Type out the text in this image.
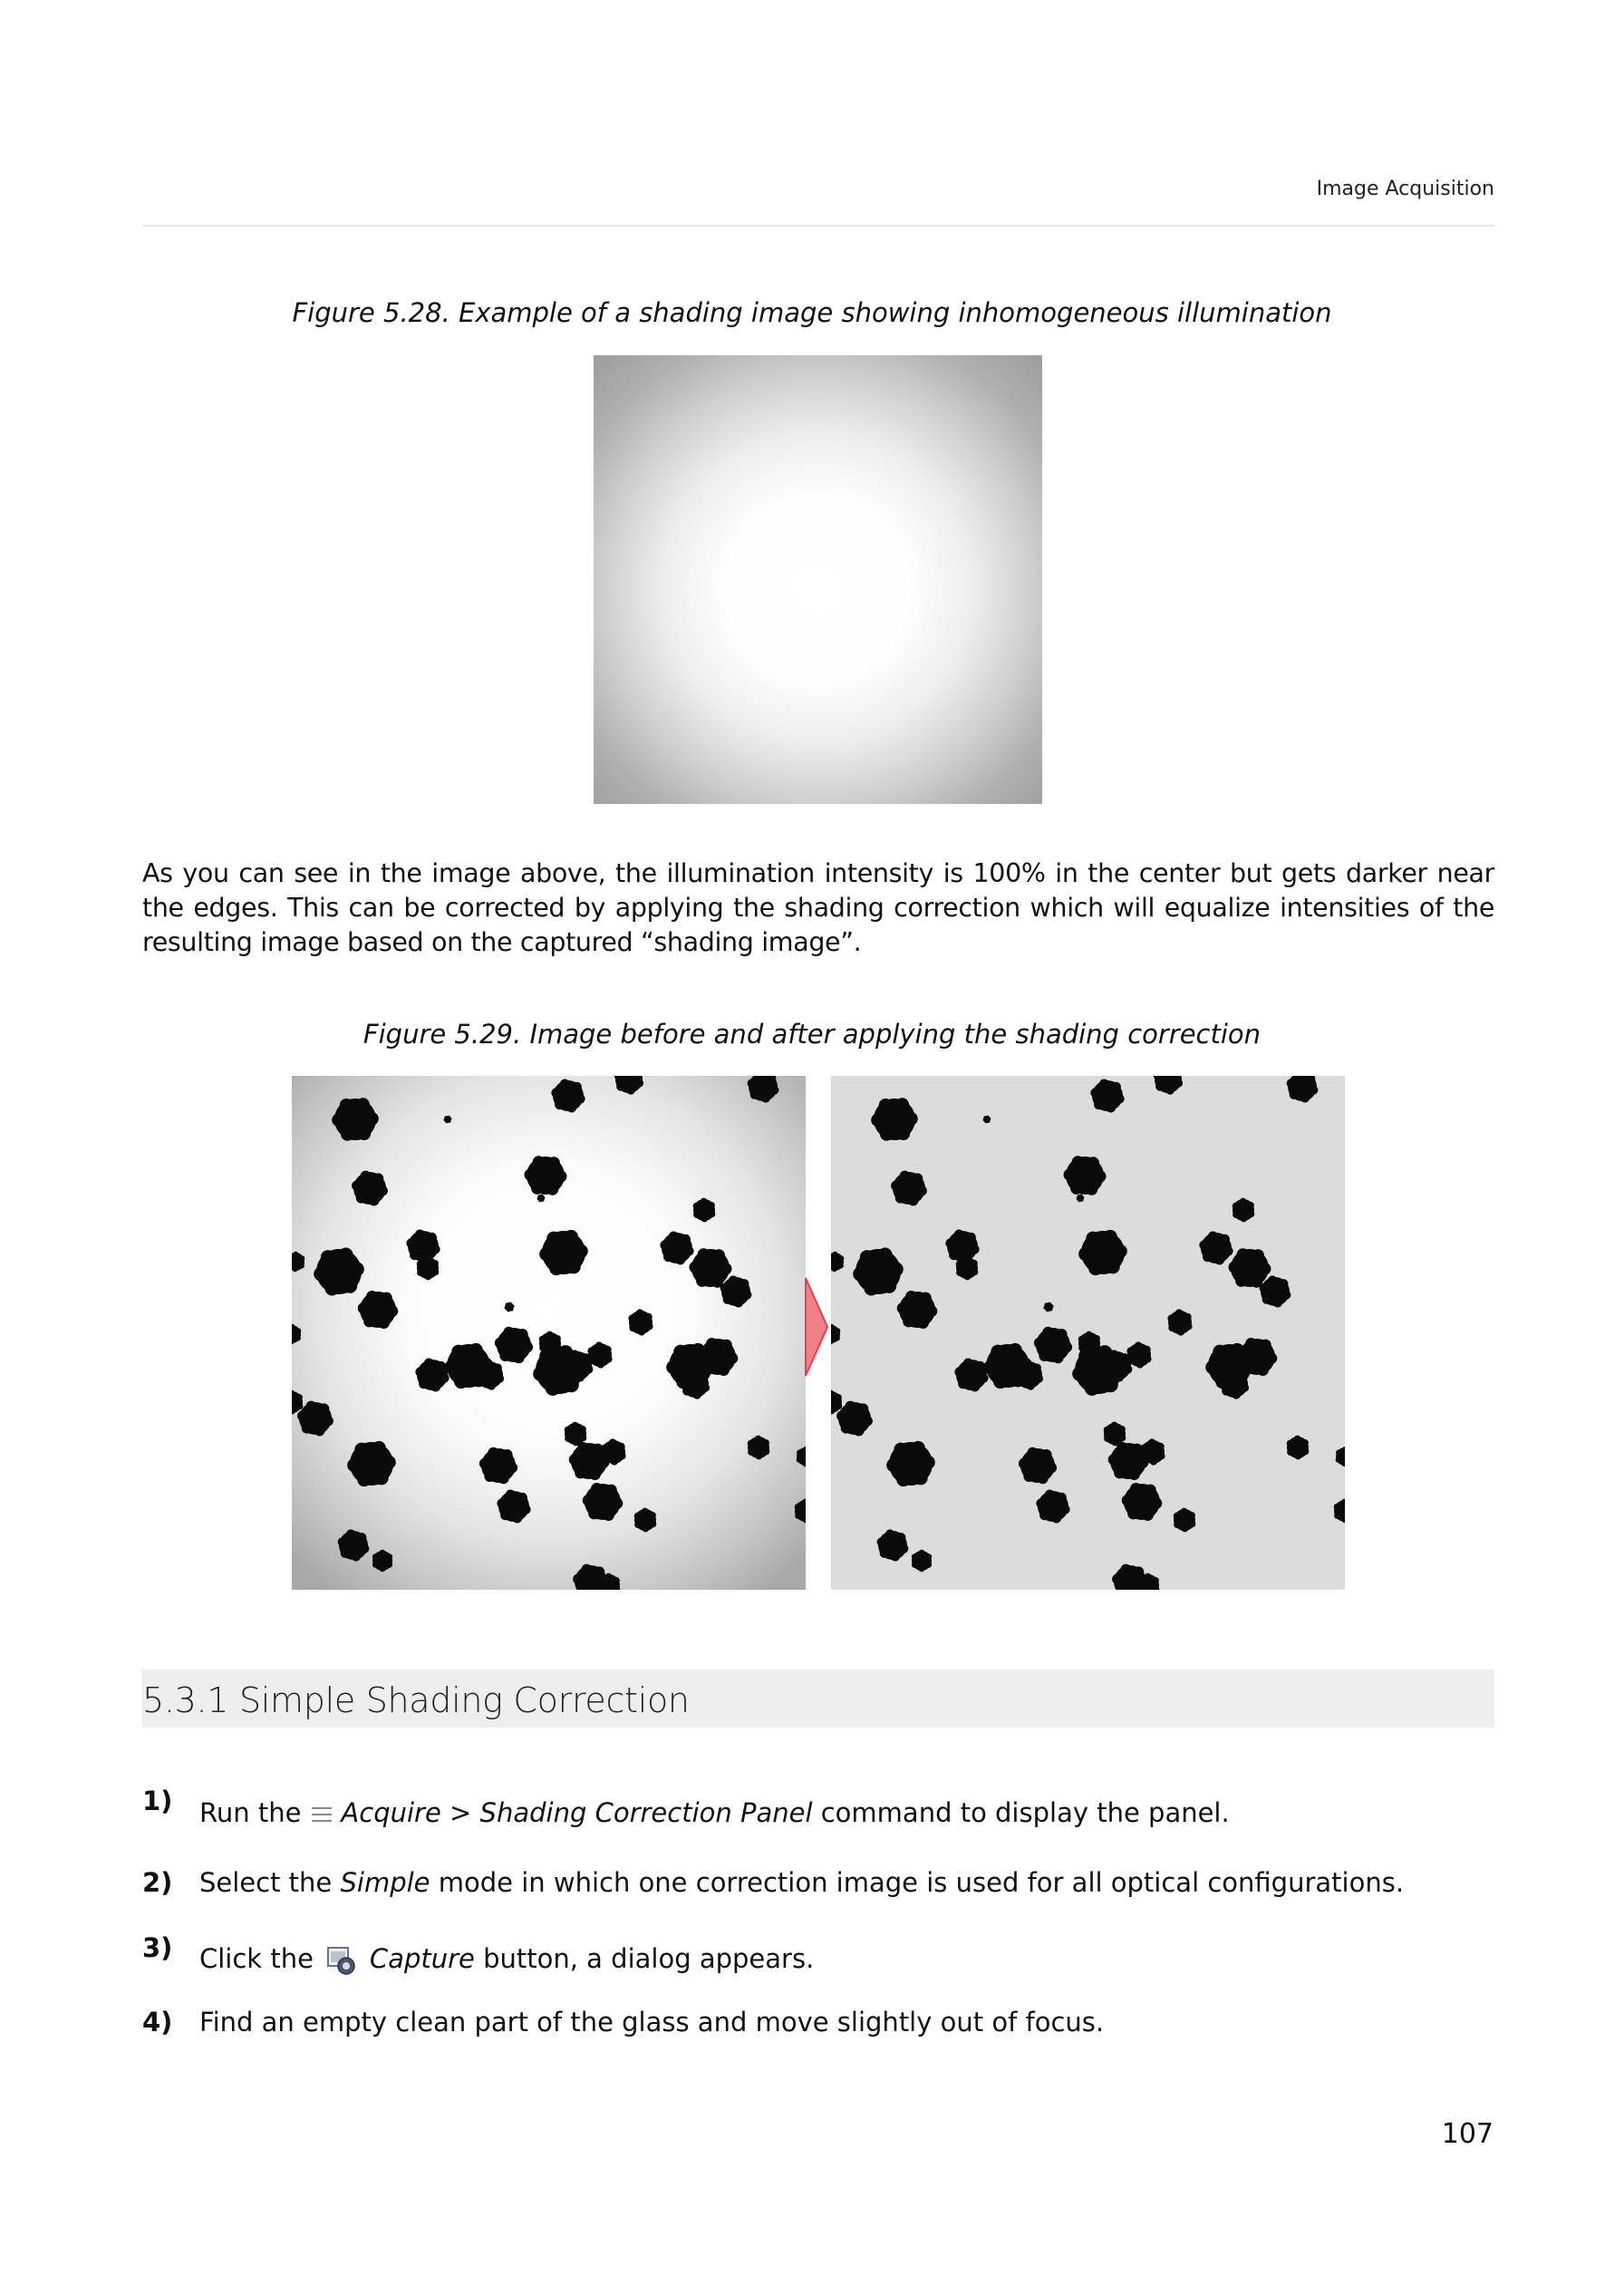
Image Acquisition
Figure 5.28. Example of a shading image showing inhomogeneous illumination
As you can see in the image above, the illumination intensity is 100% in the center but gets darker near the edges. This can be corrected by applying the shading correction which will equalize intensities of the resulting image based on the captured “shading image”.
Figure 5.29. Image before and after applying the shading correction
5.3.1 Simple Shading Correction
1) Run the Acquire > Shading Correction Panel command to display the panel.
2) Select the Simple mode in which one correction image is used for all optical configurations.
3) Click the Capture button, a dialog appears.
4) Find an empty clean part of the glass and move slightly out of focus.
107
